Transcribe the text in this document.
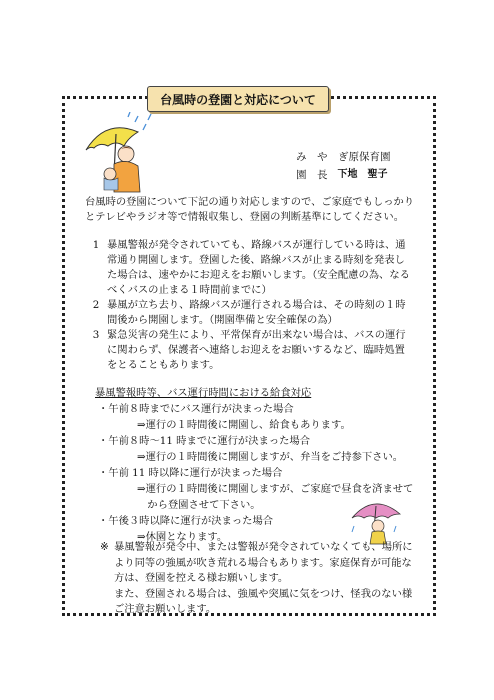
台風時の登園と対応について
み　や　ぎ原保育園
園　長 下地　聖子
台風時の登園について下記の通り対応しますので、ご家庭でもしっかりとテレビやラジオ等で情報収集し、登園の判断基準にしてください。
1 暴風警報が発令されていても、路線バスが運行している時は、通常通り開園します。登園した後、路線バスが止まる時刻を発表した場合は、速やかにお迎えをお願いします。（安全配慮の為、なるべくバスの止まる１時間前までに）
2 暴風が立ち去り、路線バスが運行される場合は、その時刻の１時間後から開園します。（開園準備と安全確保の為）
3 緊急災害の発生により、平常保育が出来ない場合は、バスの運行に関わらず、保護者へ連絡しお迎えをお願いするなど、臨時処置をとることもあります。
暴風警報時等、バス運行時間における給食対応
・午前８時までにバス運行が決まった場合
⇒運行の１時間後に開園し、給食もあります。
・午前８時～11 時までに運行が決まった場合
⇒運行の１時間後に開園しますが、弁当をご持参下さい。
・午前 11 時以降に運行が決まった場合
⇒運行の１時間後に開園しますが、ご家庭で昼食を済ませて
　から登園させて下さい。
・午後３時以降に運行が決まった場合
⇒休園となります。
※ 暴風警報が発令中、または警報が発令されていなくても、場所により同等の強風が吹き荒れる場合もあります。家庭保育が可能な方は、登園を控える様お願いします。
また、登園される場合は、強風や突風に気をつけ、怪我のない様ご注意お願いします。
